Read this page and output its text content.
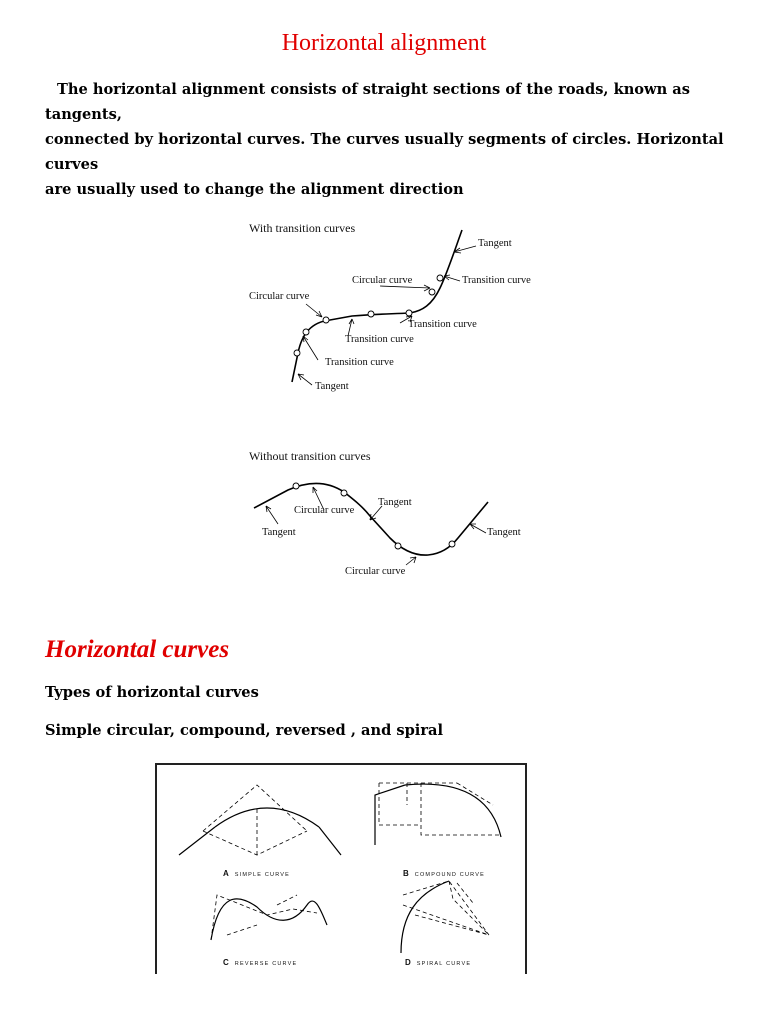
Horizontal alignment

The horizontal alignment consists of straight sections of the roads, known as tangents,
connected by horizontal curves. The curves usually segments of circles. Horizontal curves
are usually used to change the alignment direction

With transition curves
Tangent
Circular curve	Transition curve
Circular curve
Transition curve
Transition curve
Transition curve
Tangent
Without transition curves
Tangent
Circular curve
Tangent
Tangent
Circular curve
Horizontal curves

Types of horizontal curves

Simple circular, compound, reversed , and spiral

A SIMPLE CURVE	B COMPOUND CURVE
C REVERSE CURVE	D SPIRAL CURVE
